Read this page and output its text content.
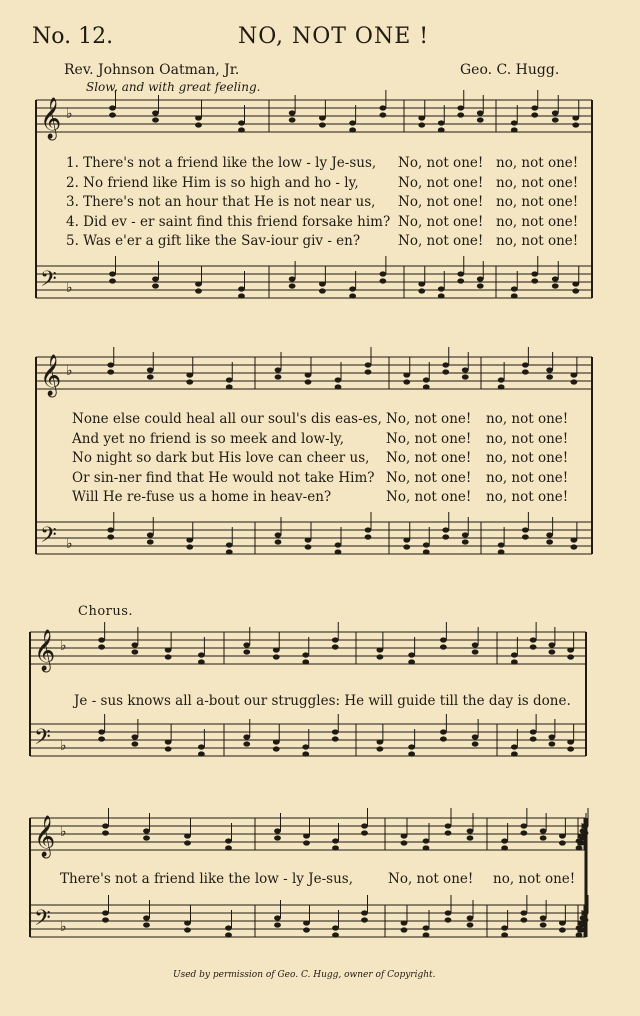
No. 12.	NO, NOT ONE !
Rev. Johnson Oatman, Jr.	Geo. C. Hugg.
Slow, and with great feeling.
𝄞 ♭
𝄢 ♭
𝄞 ♭
𝄢 ♭
𝄞 ♭
𝄢 ♭
𝄞 ♭
𝄢 ♭
1. There's not a friend like the low - ly Je-sus, No, not one! no, not one!
2. No friend like Him is so high and ho - ly,	No, not one! no, not one!
3. There's not an hour that He is not near us, No, not one! no, not one!
4. Did ev - er saint find this friend forsake him? No, not one! no, not one!
5. Was e'er a gift like the Sav-iour giv - en?	No, not one! no, not one!
None else could heal all our soul's dis eas-es, No, not one! no, not one!
And yet no friend is so meek and low-ly,	No, not one! no, not one!
No night so dark but His love can cheer us, No, not one! no, not one!
Or sin-ner find that He would not take Him? No, not one! no, not one!
Will He re-fuse us a home in heav-en?	No, not one! no, not one!
Chorus.
Je - sus knows all a-bout our struggles: He will guide till the day is done.
There's not a friend like the low - ly Je-sus,	No, not one! no, not one!
Used by permission of Geo. C. Hugg, owner of Copyright.
